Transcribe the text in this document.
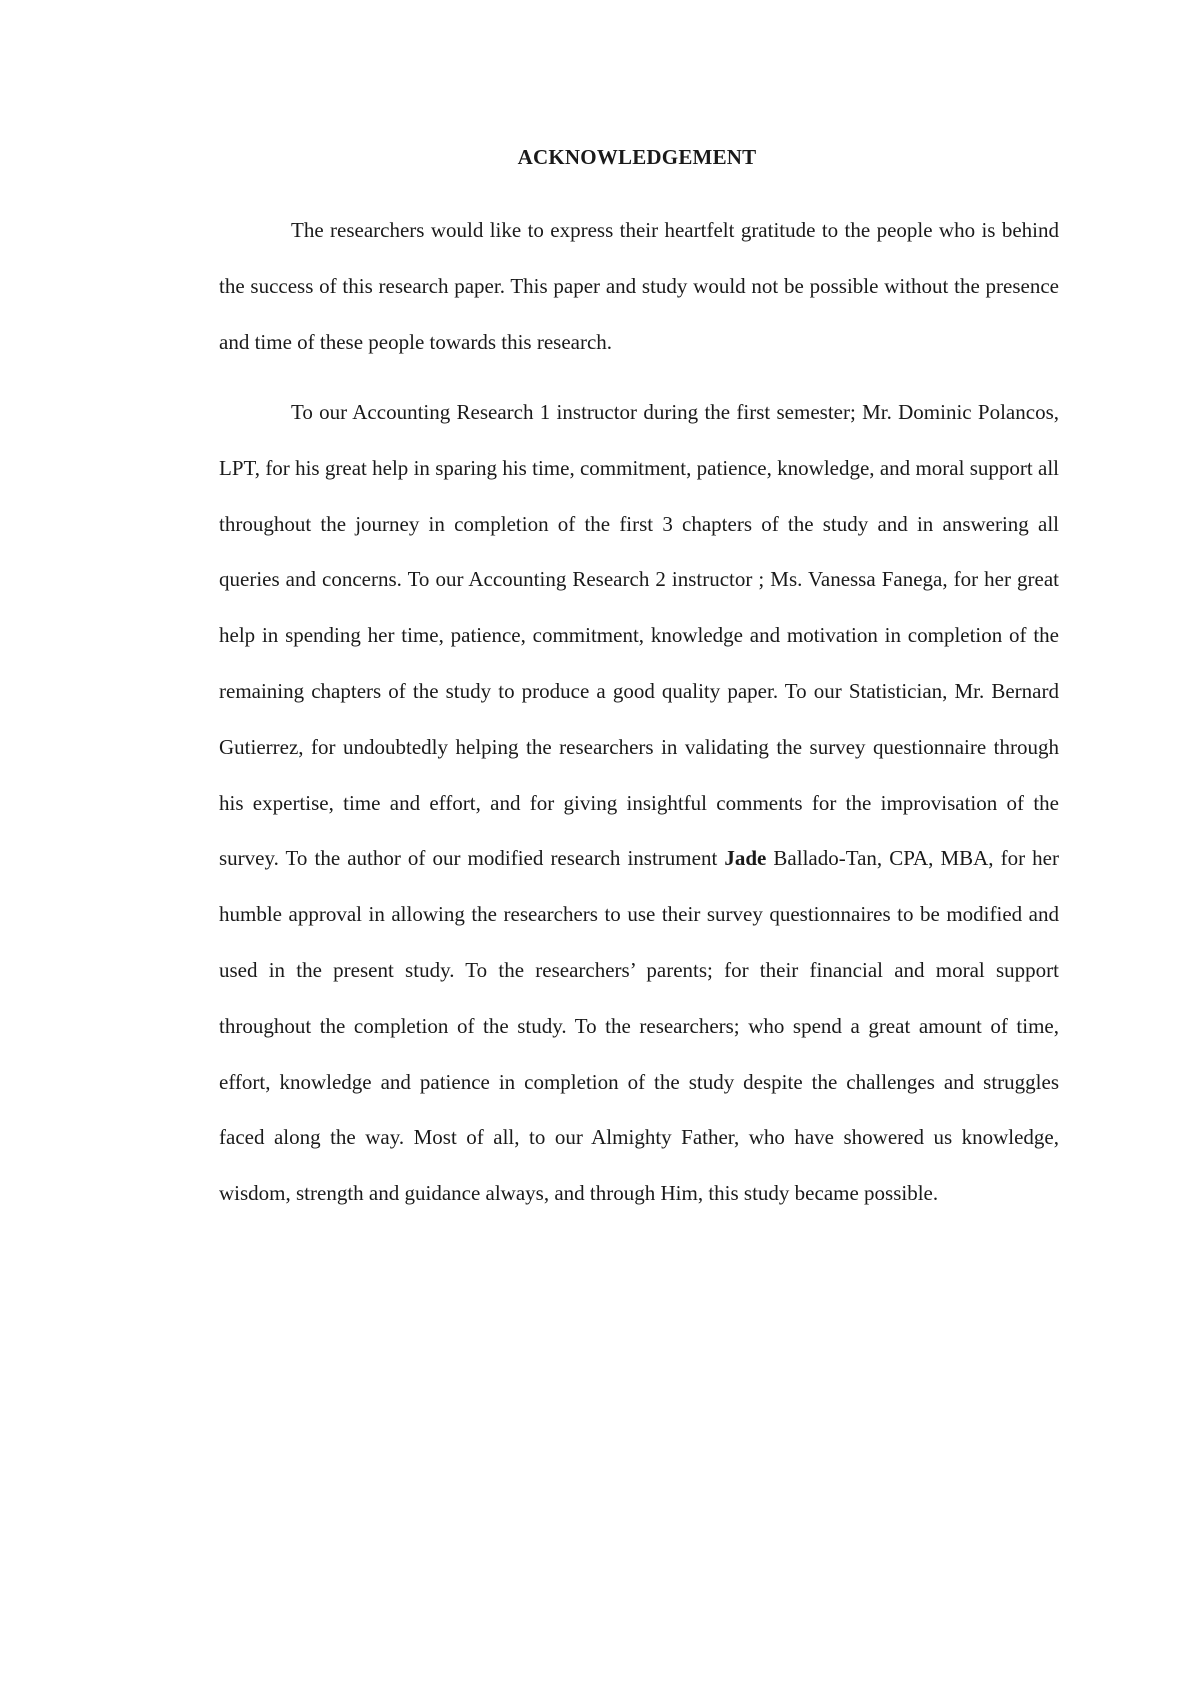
ACKNOWLEDGEMENT

The researchers would like to express their heartfelt gratitude to the people who is behind the success of this research paper. This paper and study would not be possible without the presence and time of these people towards this research.

To our Accounting Research 1 instructor during the first semester; Mr. Dominic Polancos, LPT, for his great help in sparing his time, commitment, patience, knowledge, and moral support all throughout the journey in completion of the first 3 chapters of the study and in answering all queries and concerns. To our Accounting Research 2 instructor ; Ms. Vanessa Fanega, for her great help in spending her time, patience, commitment, knowledge and motivation in completion of the remaining chapters of the study to produce a good quality paper. To our Statistician, Mr. Bernard Gutierrez, for undoubtedly helping the researchers in validating the survey questionnaire through his expertise, time and effort, and for giving insightful comments for the improvisation of the survey. To the author of our modified research instrument Jade Ballado-Tan, CPA, MBA, for her humble approval in allowing the researchers to use their survey questionnaires to be modified and used in the present study. To the researchers’ parents; for their financial and moral support throughout the completion of the study. To the researchers; who spend a great amount of time, effort, knowledge and patience in completion of the study despite the challenges and struggles faced along the way. Most of all, to our Almighty Father, who have showered us knowledge, wisdom, strength and guidance always, and through Him, this study became possible.
